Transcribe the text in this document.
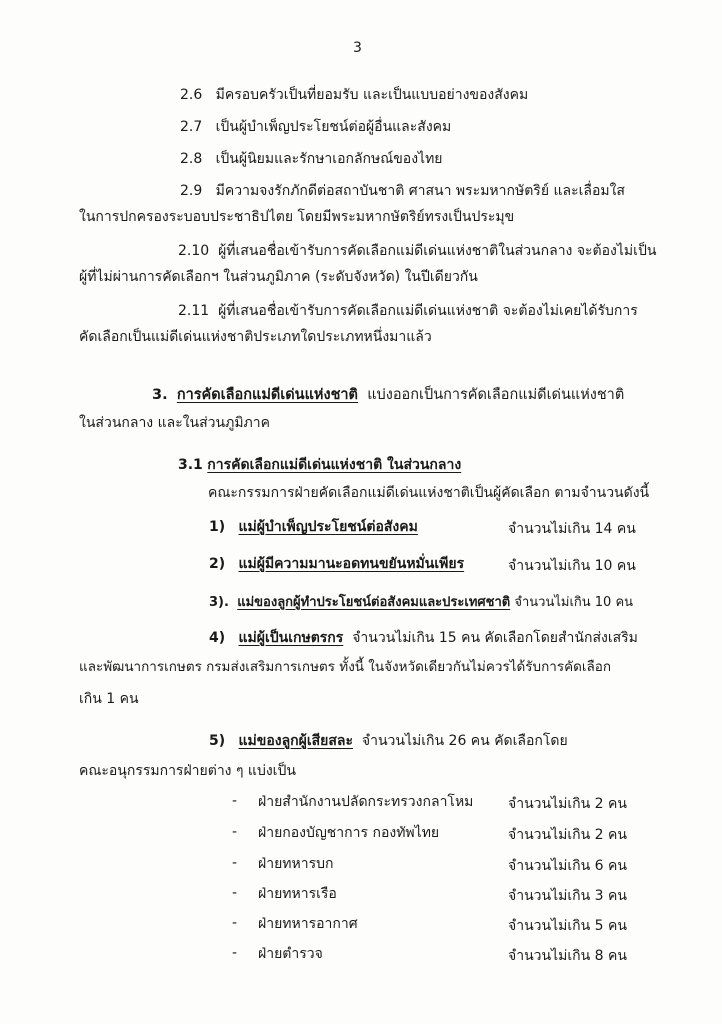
3
2.6 มีครอบครัวเป็นที่ยอมรับ และเป็นแบบอย่างของสังคม
2.7 เป็นผู้บำเพ็ญประโยชน์ต่อผู้อื่นและสังคม
2.8 เป็นผู้นิยมและรักษาเอกลักษณ์ของไทย
2.9 มีความจงรักภักดีต่อสถาบันชาติ ศาสนา พระมหากษัตริย์ และเลื่อมใส
ในการปกครองระบอบประชาธิปไตย โดยมีพระมหากษัตริย์ทรงเป็นประมุข
2.10 ผู้ที่เสนอชื่อเข้ารับการคัดเลือกแม่ดีเด่นแห่งชาติในส่วนกลาง จะต้องไม่เป็น
ผู้ที่ไม่ผ่านการคัดเลือกฯ ในส่วนภูมิภาค (ระดับจังหวัด) ในปีเดียวกัน
2.11 ผู้ที่เสนอชื่อเข้ารับการคัดเลือกแม่ดีเด่นแห่งชาติ จะต้องไม่เคยได้รับการ
คัดเลือกเป็นแม่ดีเด่นแห่งชาติประเภทใดประเภทหนึ่งมาแล้ว
3. การคัดเลือกแม่ดีเด่นแห่งชาติ แบ่งออกเป็นการคัดเลือกแม่ดีเด่นแห่งชาติ
ในส่วนกลาง และในส่วนภูมิภาค
3.1 การคัดเลือกแม่ดีเด่นแห่งชาติ ในส่วนกลาง
คณะกรรมการฝ่ายคัดเลือกแม่ดีเด่นแห่งชาติเป็นผู้คัดเลือก ตามจำนวนดังนี้
1) แม่ผู้บำเพ็ญประโยชน์ต่อสังคม	จำนวนไม่เกิน 14 คน
2) แม่ผู้มีความมานะอดทนขยันหมั่นเพียร	จำนวนไม่เกิน 10 คน
3). แม่ของลูกผู้ทำประโยชน์ต่อสังคมและประเทศชาติ จำนวนไม่เกิน 10 คน
4) แม่ผู้เป็นเกษตรกร จำนวนไม่เกิน 15 คน คัดเลือกโดยสำนักส่งเสริม
และพัฒนาการเกษตร กรมส่งเสริมการเกษตร ทั้งนี้ ในจังหวัดเดียวกันไม่ควรได้รับการคัดเลือก
เกิน 1 คน
5) แม่ของลูกผู้เสียสละ จำนวนไม่เกิน 26 คน คัดเลือกโดย
คณะอนุกรรมการฝ่ายต่าง ๆ แบ่งเป็น
- ฝ่ายสำนักงานปลัดกระทรวงกลาโหม จำนวนไม่เกิน 2 คน
- ฝ่ายกองบัญชาการ กองทัพไทย	จำนวนไม่เกิน 2 คน
- ฝ่ายทหารบก	จำนวนไม่เกิน 6 คน
- ฝ่ายทหารเรือ	จำนวนไม่เกิน 3 คน
- ฝ่ายทหารอากาศ	จำนวนไม่เกิน 5 คน
- ฝ่ายตำรวจ	จำนวนไม่เกิน 8 คน
